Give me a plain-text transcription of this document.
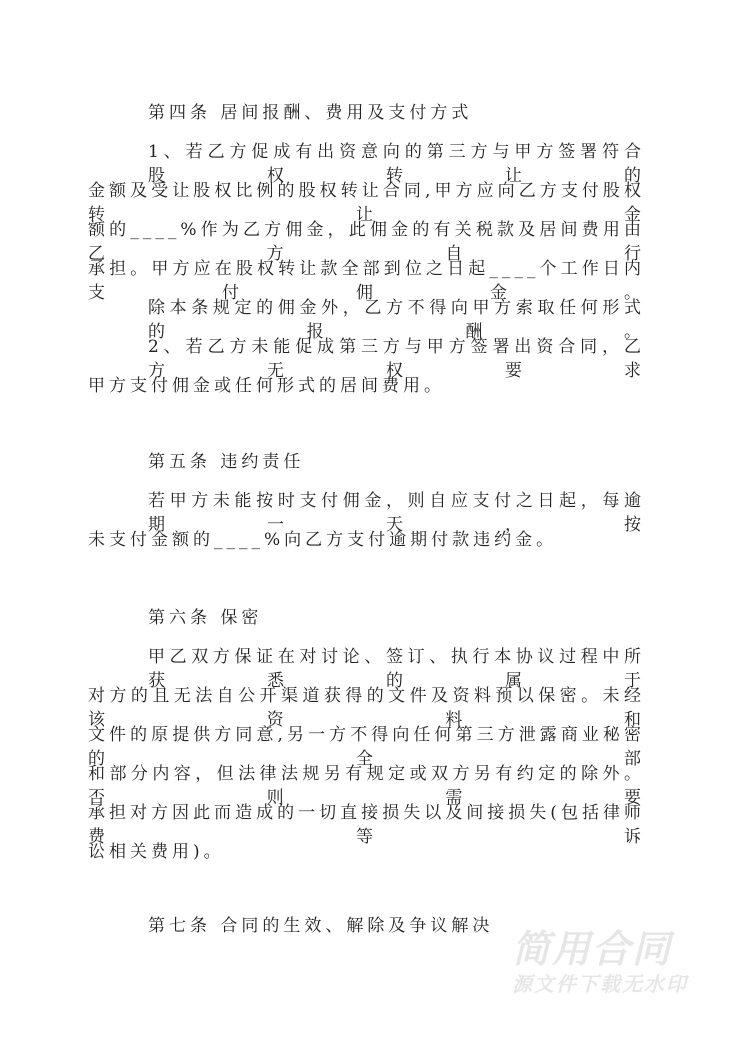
第四条 居间报酬、费用及支付方式
1、若乙方促成有出资意向的第三方与甲方签署符合股权转让的
金额及受让股权比例的股权转让合同,甲方应向乙方支付股权转让金
额的____%作为乙方佣金，此佣金的有关税款及居间费用由乙方自行
承担。甲方应在股权转让款全部到位之日起____个工作日内支付佣金。
除本条规定的佣金外，乙方不得向甲方索取任何形式的报酬。
2、若乙方未能促成第三方与甲方签署出资合同，乙方无权要求
甲方支付佣金或任何形式的居间费用。
第五条 违约责任
若甲方未能按时支付佣金，则自应支付之日起，每逾期一天，按
未支付金额的____%向乙方支付逾期付款违约金。
第六条 保密
甲乙双方保证在对讨论、签订、执行本协议过程中所获悉的属于
对方的且无法自公开渠道获得的文件及资料预以保密。未经该资料和
文件的原提供方同意,另一方不得向任何第三方泄露商业秘密的全部
和部分内容，但法律法规另有规定或双方另有约定的除外。否则需要
承担对方因此而造成的一切直接损失以及间接损失(包括律师费等诉
讼相关费用)。
第七条 合同的生效、解除及争议解决
简用合同
源文件下载无水印
